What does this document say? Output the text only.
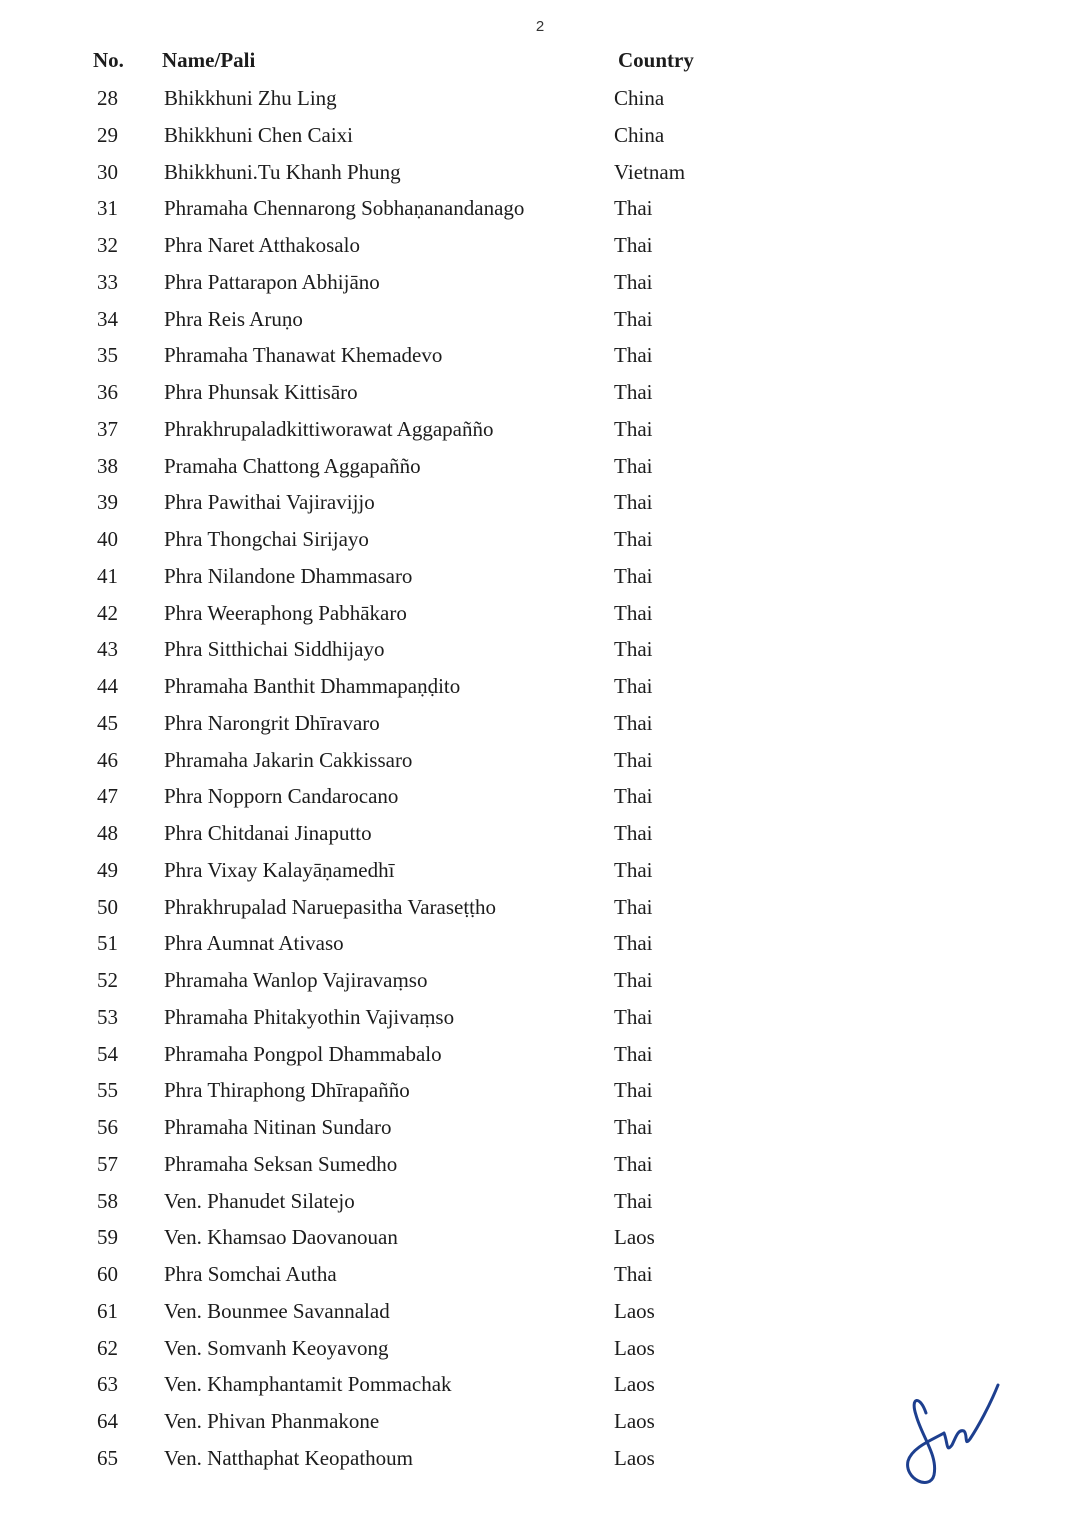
2
No. Name/Pali	Country
28 Bhikkhuni Zhu Ling	China
29 Bhikkhuni Chen Caixi	China
30 Bhikkhuni.Tu Khanh Phung	Vietnam
31 Phramaha Chennarong Sobhaṇanandanago	Thai
32 Phra Naret Atthakosalo	Thai
33 Phra Pattarapon Abhijāno	Thai
34 Phra Reis Aruṇo	Thai
35 Phramaha Thanawat Khemadevo	Thai
36 Phra Phunsak Kittisāro	Thai
37 Phrakhrupaladkittiworawat Aggapañño	Thai
38 Pramaha Chattong Aggapañño	Thai
39 Phra Pawithai Vajiravijjo	Thai
40 Phra Thongchai Sirijayo	Thai
41 Phra Nilandone Dhammasaro	Thai
42 Phra Weeraphong Pabhākaro	Thai
43 Phra Sitthichai Siddhijayo	Thai
44 Phramaha Banthit Dhammapaṇḍito	Thai
45 Phra Narongrit Dhīravaro	Thai
46 Phramaha Jakarin Cakkissaro	Thai
47 Phra Nopporn Candarocano	Thai
48 Phra Chitdanai Jinaputto	Thai
49 Phra Vixay Kalayāṇamedhī	Thai
50 Phrakhrupalad Naruepasitha Varaseṭṭho	Thai
51 Phra Aumnat Ativaso	Thai
52 Phramaha Wanlop Vajiravaṃso	Thai
53 Phramaha Phitakyothin Vajivaṃso	Thai
54 Phramaha Pongpol Dhammabalo	Thai
55 Phra Thiraphong Dhīrapañño	Thai
56 Phramaha Nitinan Sundaro	Thai
57 Phramaha Seksan Sumedho	Thai
58 Ven. Phanudet Silatejo	Thai
59 Ven. Khamsao Daovanouan	Laos
60 Phra Somchai Autha	Thai
61 Ven. Bounmee Savannalad	Laos
62 Ven. Somvanh Keoyavong	Laos
63 Ven. Khamphantamit Pommachak	Laos
64 Ven. Phivan Phanmakone	Laos
65 Ven. Natthaphat Keopathoum	Laos
